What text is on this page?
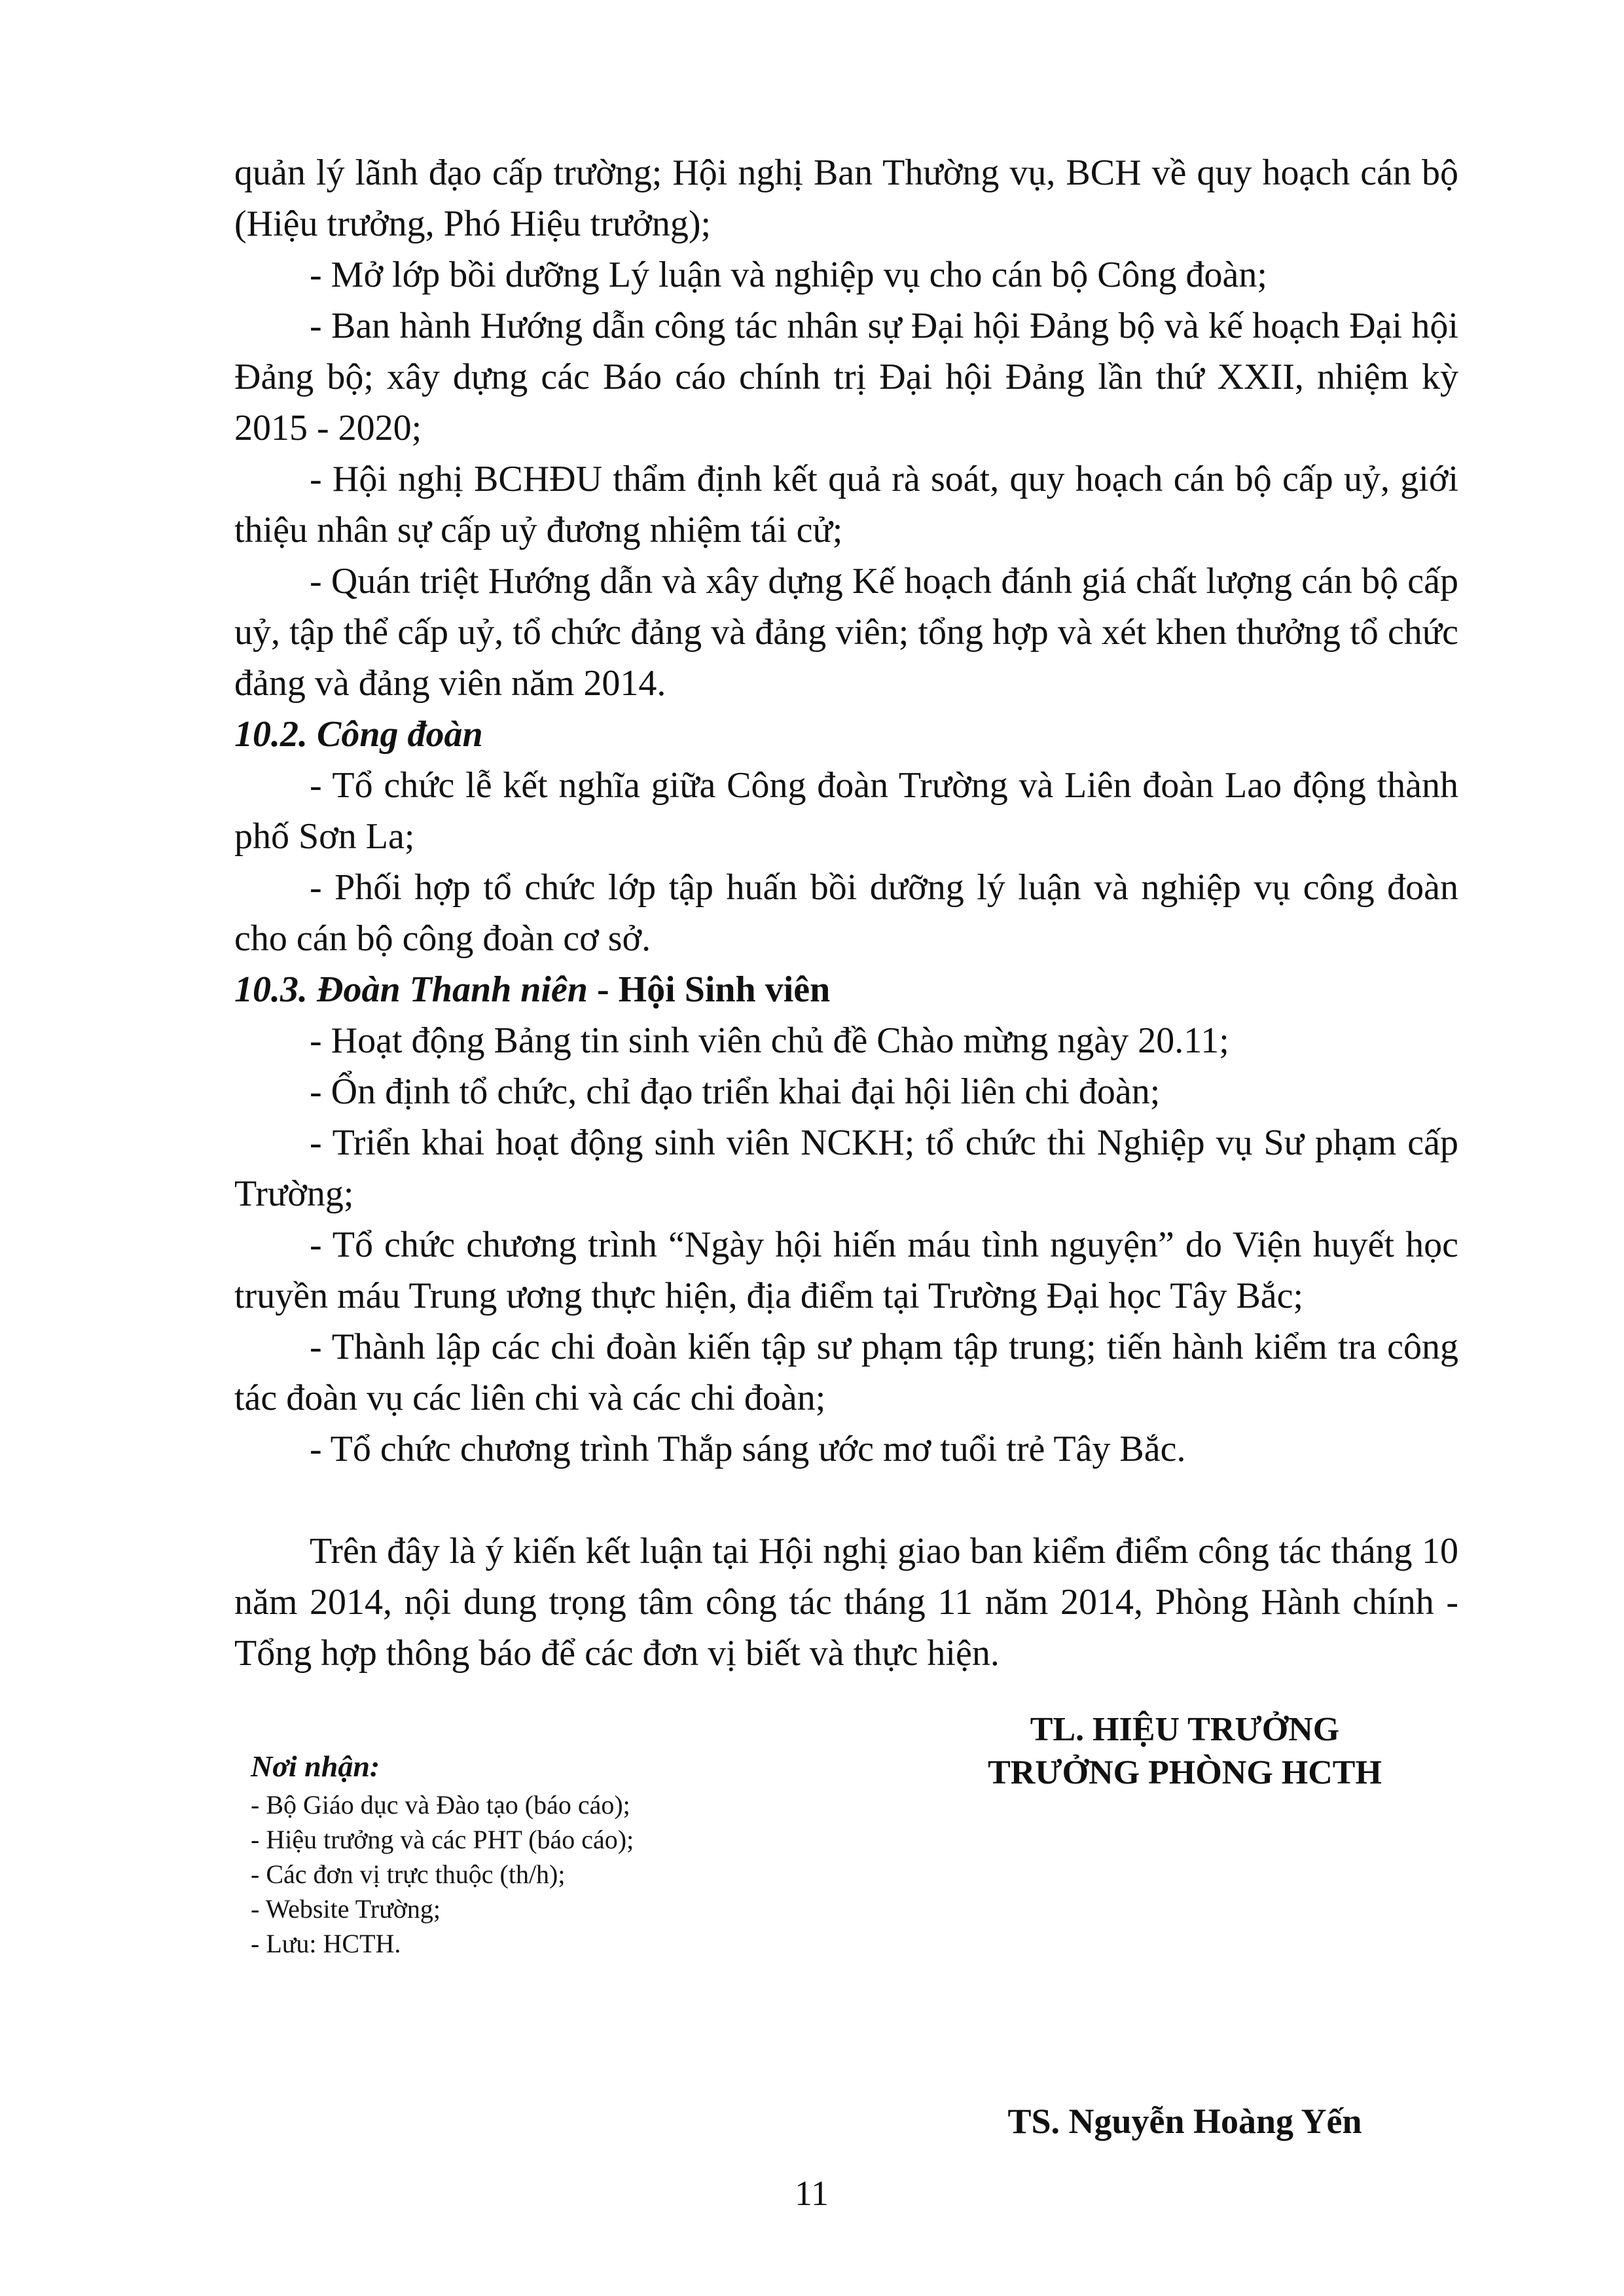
quản lý lãnh đạo cấp trường; Hội nghị Ban Thường vụ, BCH về quy hoạch cán bộ (Hiệu trưởng, Phó Hiệu trưởng);

- Mở lớp bồi dưỡng Lý luận và nghiệp vụ cho cán bộ Công đoàn;

- Ban hành Hướng dẫn công tác nhân sự Đại hội Đảng bộ và kế hoạch Đại hội Đảng bộ; xây dựng các Báo cáo chính trị Đại hội Đảng lần thứ XXII, nhiệm kỳ 2015 - 2020;

- Hội nghị BCHĐU thẩm định kết quả rà soát, quy hoạch cán bộ cấp uỷ, giới thiệu nhân sự cấp uỷ đương nhiệm tái cử;

- Quán triệt Hướng dẫn và xây dựng Kế hoạch đánh giá chất lượng cán bộ cấp uỷ, tập thể cấp uỷ, tổ chức đảng và đảng viên; tổng hợp và xét khen thưởng tổ chức đảng và đảng viên năm 2014.

10.2. Công đoàn

- Tổ chức lễ kết nghĩa giữa Công đoàn Trường và Liên đoàn Lao động thành phố Sơn La;

- Phối hợp tổ chức lớp tập huấn bồi dưỡng lý luận và nghiệp vụ công đoàn cho cán bộ công đoàn cơ sở.

10.3. Đoàn Thanh niên - Hội Sinh viên

- Hoạt động Bảng tin sinh viên chủ đề Chào mừng ngày 20.11;

- Ổn định tổ chức, chỉ đạo triển khai đại hội liên chi đoàn;

- Triển khai hoạt động sinh viên NCKH; tổ chức thi Nghiệp vụ Sư phạm cấp Trường;

- Tổ chức chương trình “Ngày hội hiến máu tình nguyện” do Viện huyết học truyền máu Trung ương thực hiện, địa điểm tại Trường Đại học Tây Bắc;

- Thành lập các chi đoàn kiến tập sư phạm tập trung; tiến hành kiểm tra công tác đoàn vụ các liên chi và các chi đoàn;

- Tổ chức chương trình Thắp sáng ước mơ tuổi trẻ Tây Bắc.

Trên đây là ý kiến kết luận tại Hội nghị giao ban kiểm điểm công tác tháng 10 năm 2014, nội dung trọng tâm công tác tháng 11 năm 2014, Phòng Hành chính - Tổng hợp thông báo để các đơn vị biết và thực hiện.

Nơi nhận:
- Bộ Giáo dục và Đào tạo (báo cáo);
- Hiệu trưởng và các PHT (báo cáo);
- Các đơn vị trực thuộc (th/h);
- Website Trường;
- Lưu: HCTH.
TL. HIỆU TRƯỞNG
TRƯỞNG PHÒNG HCTH
TS. Nguyễn Hoàng Yến
11
